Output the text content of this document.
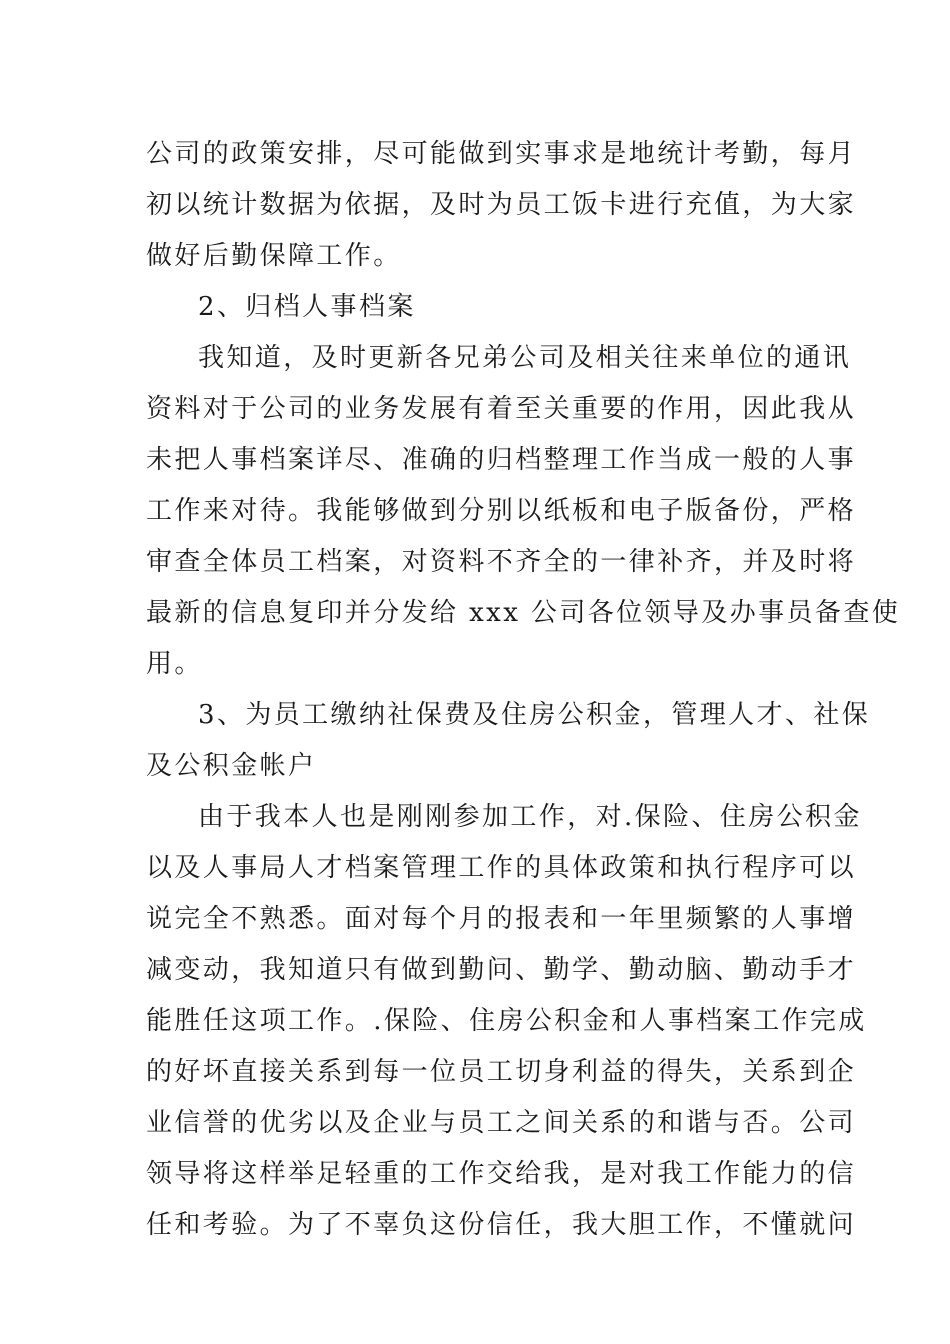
公司的政策安排，尽可能做到实事求是地统计考勤，每月
初以统计数据为依据，及时为员工饭卡进行充值，为大家
做好后勤保障工作。
2、归档人事档案
我知道，及时更新各兄弟公司及相关往来单位的通讯
资料对于公司的业务发展有着至关重要的作用，因此我从
未把人事档案详尽、准确的归档整理工作当成一般的人事
工作来对待。我能够做到分别以纸板和电子版备份，严格
审查全体员工档案，对资料不齐全的一律补齐，并及时将
最新的信息复印并分发给 xxx 公司各位领导及办事员备查使
用。
3、为员工缴纳社保费及住房公积金，管理人才、社保
及公积金帐户
由于我本人也是刚刚参加工作，对.保险、住房公积金
以及人事局人才档案管理工作的具体政策和执行程序可以
说完全不熟悉。面对每个月的报表和一年里频繁的人事增
减变动，我知道只有做到勤问、勤学、勤动脑、勤动手才
能胜任这项工作。.保险、住房公积金和人事档案工作完成
的好坏直接关系到每一位员工切身利益的得失，关系到企
业信誉的优劣以及企业与员工之间关系的和谐与否。公司
领导将这样举足轻重的工作交给我，是对我工作能力的信
任和考验。为了不辜负这份信任，我大胆工作，不懂就问
